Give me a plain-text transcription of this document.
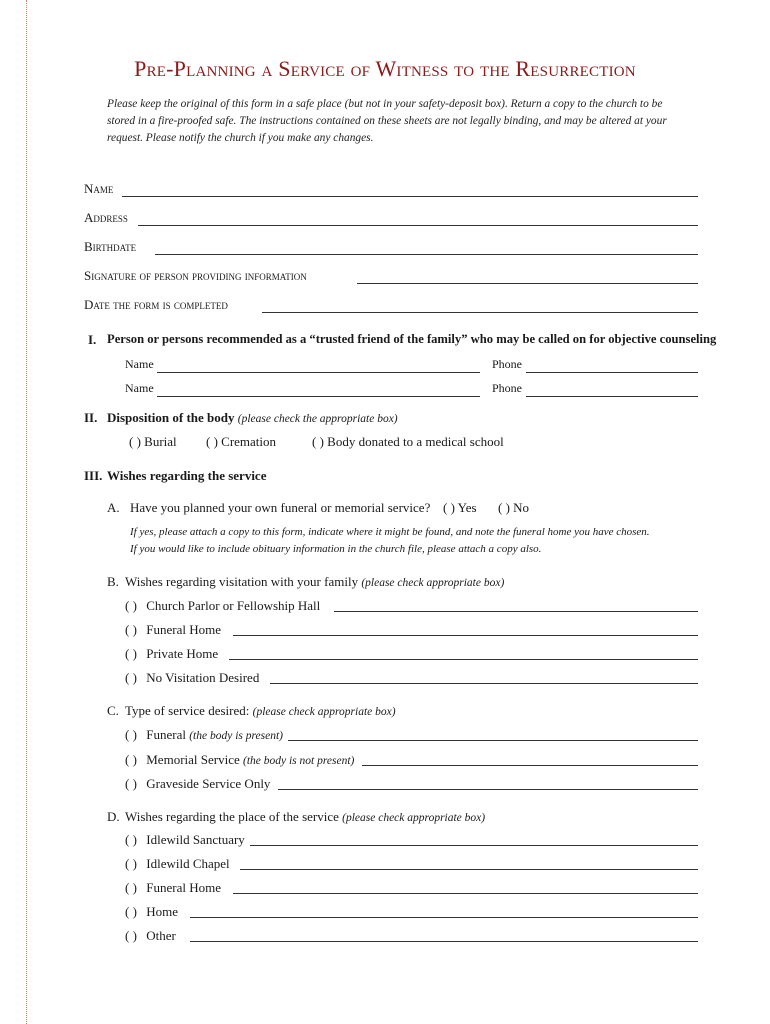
Pre-Planning a Service of Witness to the Resurrection
Please keep the original of this form in a safe place (but not in your safety-deposit box). Return a copy to the church to be stored in a fire-proofed safe. The instructions contained on these sheets are not legally binding, and may be altered at your request. Please notify the church if you make any changes.
Name
Address
Birthdate
Signature of person providing information
Date the form is completed
I. Person or persons recommended as a “trusted friend of the family” who may be called on for objective counseling
Name	Phone
Name	Phone
II. Disposition of the body (please check the appropriate box)
( ) Burial ( ) Cremation	( ) Body donated to a medical school
III. Wishes regarding the service
A. Have you planned your own funeral or memorial service? ( ) Yes ( ) No
If yes, please attach a copy to this form, indicate where it might be found, and note the funeral home you have chosen.
If you would like to include obituary information in the church file, please attach a copy also.
B. Wishes regarding visitation with your family (please check appropriate box)
( ) Church Parlor or Fellowship Hall
( ) Funeral Home
( ) Private Home
( ) No Visitation Desired
C. Type of service desired: (please check appropriate box)
( ) Funeral (the body is present)
( ) Memorial Service (the body is not present)
( ) Graveside Service Only
D. Wishes regarding the place of the service (please check appropriate box)
( ) Idlewild Sanctuary
( ) Idlewild Chapel
( ) Funeral Home
( ) Home
( ) Other
